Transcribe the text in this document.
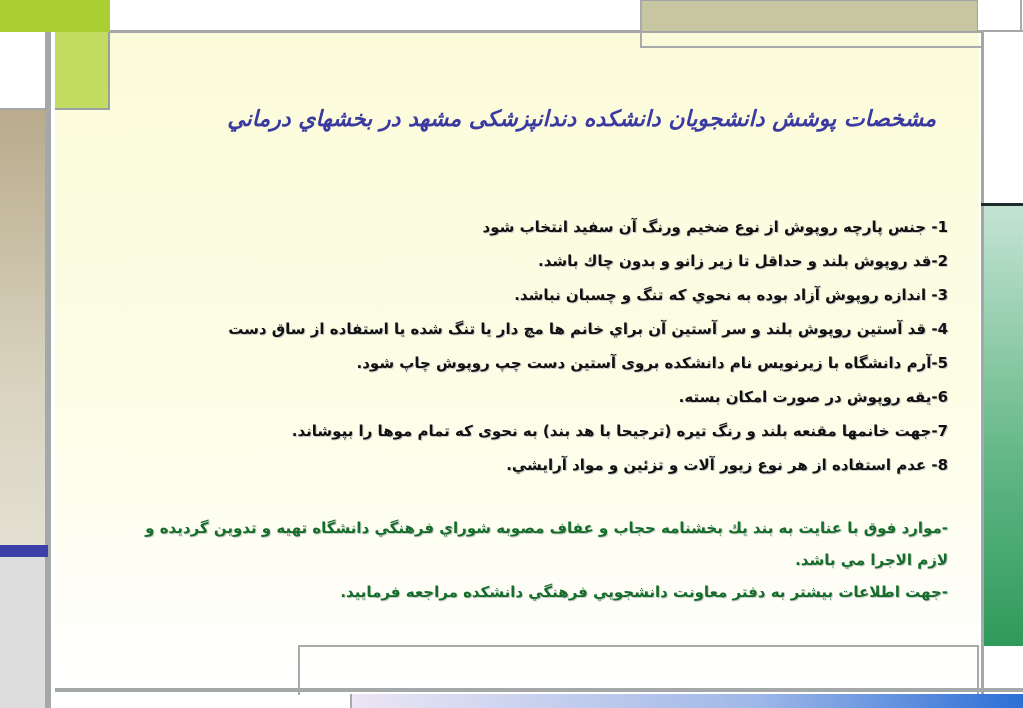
مشخصات پوشش دانشجويان دانشكده دندانپزشكی مشهد در بخشهاي درماني
1- جنس پارچه روپوش از نوع ضخيم ورنگ آن سفيد انتخاب شود
2-قد روپوش بلند و حداقل تا زير زانو و بدون چاك باشد.
3- اندازه روپوش آزاد بوده به نحوي كه تنگ و چسبان نباشد.
4- قد آستين روپوش بلند و سر آستين آن براي خانم ها مچ دار يا تنگ شده يا استفاده از ساق دست
5-آرم دانشگاه با زيرنويس نام دانشكده بروی آستين دست چپ روپوش چاپ شود.
6-يقه روپوش در صورت امكان بسته.
7-جهت خانمها مقنعه بلند و رنگ تيره (ترجيحا با هد بند) به نحوی كه تمام موها را بپوشاند.
8- عدم استفاده از هر نوع زيور آلات و تزئين و مواد آرايشي.
-موارد فوق با عنايت به بند يك بخشنامه حجاب و عفاف مصوبه شوراي فرهنگي دانشگاه تهيه و تدوين گرديده و لازم الاجرا مي باشد.
-جهت اطلاعات بيشتر به دفتر معاونت دانشجويي فرهنگي دانشكده مراجعه فرماييد.
